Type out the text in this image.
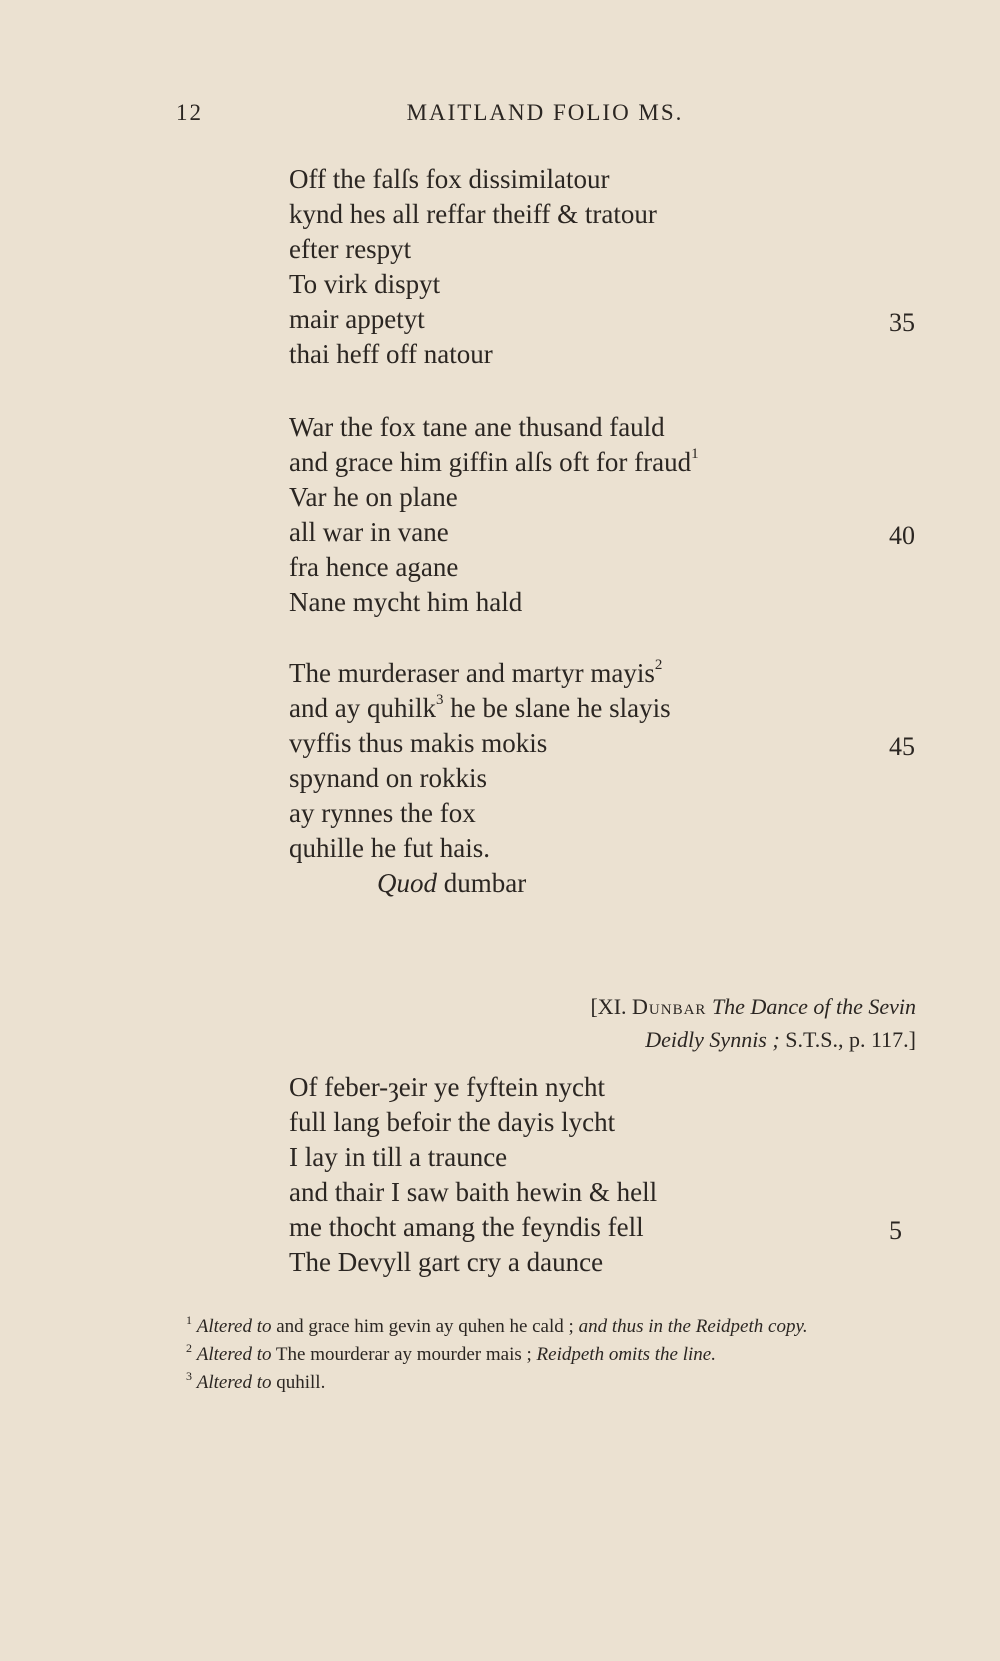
12	MAITLAND FOLIO MS.
Off the falſs fox dissimilatour
kynd hes all reffar theiff & tratour
efter respyt
To virk dispyt
mair appetyt	35
thai heff off natour
War the fox tane ane thusand fauld
and grace him giffin alſs oft for fraud$^1$
Var he on plane
all war in vane	40
fra hence agane
Nane mycht him hald
The murderaser and martyr mayis$^2$
and ay quhilk$^3$ he be slane he slayis
vyffis thus makis mokis	45
spynand on rokkis
ay rynnes the fox
quhille he fut hais.
Quod dumbar
[XI. Dunbar The Dance of the Sevin
Deidly Synnis ; S.T.S., p. 117.]
Of feber-ȝeir ye fyftein nycht
full lang befoir the dayis lycht
I lay in till a traunce
and thair I saw baith hewin & hell
me thocht amang the feyndis fell	5
The Devyll gart cry a daunce
$^1$ Altered to and grace him gevin ay quhen he cald ; and thus in the Reidpeth copy.
$^2$ Altered to The mourderar ay mourder mais ; Reidpeth omits the line.
$^3$ Altered to quhill.
